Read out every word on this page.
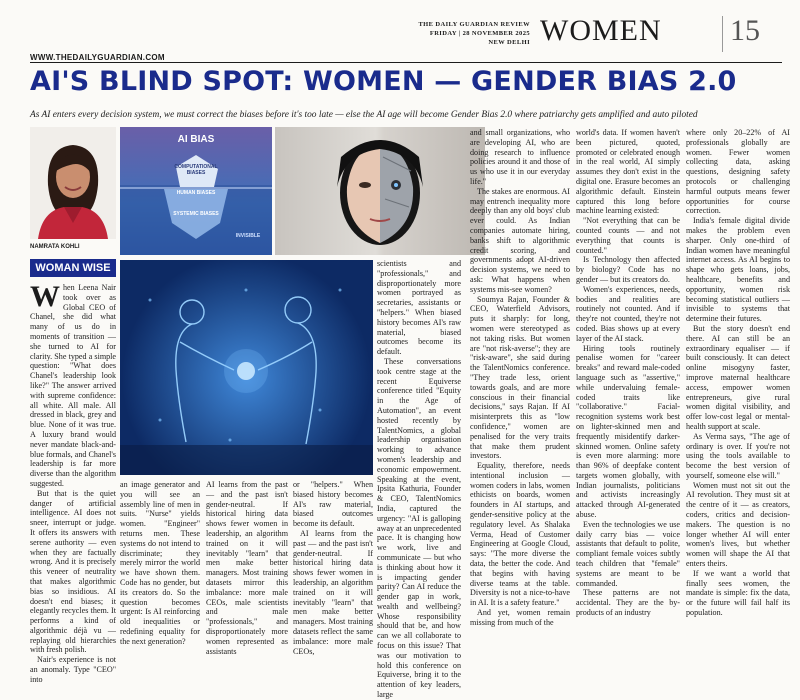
THE DAILY GUARDIAN REVIEW
FRIDAY | 28 NOVEMBER 2025
NEW DELHI WOMEN 15
WWW.THEDAILYGUARDIAN.COM
AI'S BLIND SPOT: WOMEN — GENDER BIAS 2.0
As AI enters every decision system, we must correct the biases before it's too late — else the AI age will become Gender Bias 2.0 where patriarchy gets amplified and auto piloted
NAMRATA KOHLI
WOMAN WISE
AI BIAS
COMPUTATIONAL BIASES
HUMAN BIASES
SYSTEMIC BIASES
INVISIBLE

When Leena Nair took over as Global CEO of Chanel, she did what many of us do in moments of transition —she turned to AI for clarity. She typed a simple question: "What does Chanel's leadership look like?" The answer arrived with supreme confidence: all white. All male. All dressed in black, grey and blue. None of it was true. A luxury brand would never mandate black-and-blue formals, and Chanel's leadership is far more diverse than the algorithm suggested.

But that is the quiet danger of artificial intelligence. AI does not sneer, interrupt or judge. It offers its answers with serene authority — even when they are factually wrong. And it is precisely this veneer of neutrality that makes algorithmic bias so insidious. AI doesn't end biases; it elegantly recycles them. It performs a kind of algorithmic déjà vu — replaying old hierarchies with fresh polish.

Nair's experience is not an anomaly. Type "CEO" into

an image generator and you will see an assembly line of men in suits. "Nurse" yields women. "Engineer" returns men. These systems do not intend to discriminate; they merely mirror the world we have shown them. Code has no gender, but its creators do. So the question becomes urgent: Is AI reinforcing old inequalities or redefining equality for the next generation?

AI learns from the past — and the past isn't gender-neutral. If historical hiring data shows fewer women in leadership, an algorithm trained on it will inevitably "learn" that men make better managers. Most training datasets mirror this imbalance: more male CEOs, male scientists and male "professionals," and disproportionately more women represented as assistants

or "helpers." When biased history becomes AI's raw material, biased outcomes become its default.

AI learns from the past — and the past isn't gender-neutral. If historical hiring data shows fewer women in leadership, an algorithm trained on it will inevitably "learn" that men make better managers. Most training datasets reflect the same imbalance: more male CEOs,

scientists and "professionals," and disproportionately more women portrayed as secretaries, assistants or "helpers." When biased history becomes AI's raw material, biased outcomes become its default.

These conversations took centre stage at the recent Equiverse conference titled "Equity in the Age of Automation", an event hosted recently by TalentNomics, a global leadership organisation working to advance women's leadership and economic empowerment. Speaking at the event, Ipsita Kathuria, Founder & CEO, TalentNomics India, captured the urgency: "AI is galloping away at an unprecedented pace. It is changing how we work, live and communicate — but who is thinking about how it is impacting gender parity? Can AI reduce the gender gap in work, wealth and wellbeing? Whose responsibility should that be, and how can we all collaborate to focus on this issue? That was our motivation to hold this conference on Equiverse, bring it to the attention of key leaders, large

and small organizations, who are developing AI, who are doing research to influence policies around it and those of us who use it in our everyday life."

The stakes are enormous. AI may entrench inequality more deeply than any old boys' club ever could. As Indian companies automate hiring, banks shift to algorithmic credit scoring, and governments adopt AI-driven decision systems, we need to ask: What happens when systems mis-see women?

Soumya Rajan, Founder & CEO, Waterfield Advisors, puts it sharply: for long, women were stereotyped as not taking risks. But women are "not risk-averse"; they are "risk-aware", she said during the TalentNomics conference. "They trade less, orient towards goals, and are more conscious in their financial decisions," says Rajan. If AI misinterprets this as "low confidence," women are penalised for the very traits that make them prudent investors.

Equality, therefore, needs intentional inclusion — women coders in labs, women ethicists on boards, women founders in AI startups, and gender-sensitive policy at the regulatory level. As Shalaka Verma, Head of Customer Engineering at Google Cloud, says: "The more diverse the data, the better the code. And that begins with having diverse teams at the table. Diversity is not a nice-to-have in AI. It is a safety feature."

And yet, women remain missing from much of the

world's data. If women haven't been pictured, quoted, promoted or celebrated enough in the real world, AI simply assumes they don't exist in the digital one. Erasure becomes an algorithmic default. Einstein captured this long before machine learning existed:

"Not everything that can be counted counts — and not everything that counts is counted."

Is Technology then affected by biology? Code has no gender — but its creators do.

Women's experiences, needs, bodies and realities are routinely not counted. And if they're not counted, they're not coded. Bias shows up at every layer of the AI stack.

Hiring tools routinely penalise women for "career breaks" and reward male-coded language such as "assertive," while undervaluing female-coded traits like "collaborative." Facial-recognition systems work best on lighter-skinned men and frequently misidentify darker-skinned women. Online safety is even more alarming: more than 96% of deepfake content targets women globally, with Indian journalists, politicians and activists increasingly attacked through AI-generated abuse.

Even the technologies we use daily carry bias — voice assistants that default to polite, compliant female voices subtly teach children that "female" systems are meant to be commanded.

These patterns are not accidental. They are the by-products of an industry

where only 20–22% of AI professionals globally are women. Fewer women collecting data, asking questions, designing safety protocols or challenging harmful outputs means fewer opportunities for course correction.

India's female digital divide makes the problem even sharper. Only one-third of Indian women have meaningful internet access. As AI begins to shape who gets loans, jobs, healthcare, benefits and opportunity, women risk becoming statistical outliers — invisible to systems that determine their futures.

But the story doesn't end there. AI can still be an extraordinary equaliser — if built consciously. It can detect online misogyny faster, improve maternal healthcare access, empower women entrepreneurs, give rural women digital visibility, and offer low-cost legal or mental-health support at scale.

As Verma says, "The age of ordinary is over. If you're not using the tools available to become the best version of yourself, someone else will."

Women must not sit out the AI revolution. They must sit at the centre of it — as creators, coders, critics and decision-makers. The question is no longer whether AI will enter women's lives, but whether women will shape the AI that enters theirs.

If we want a world that finally sees women, the mandate is simple: fix the data, or the future will fail half its population.
